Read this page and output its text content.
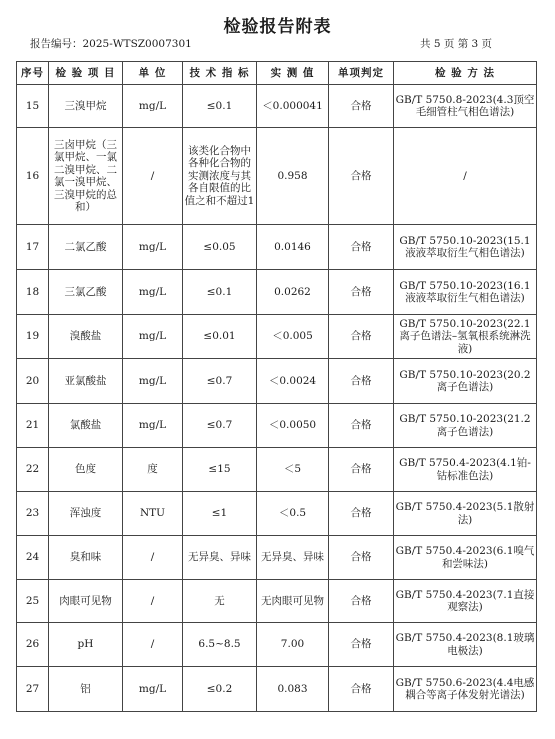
检验报告附表
报告编号：2025-WTSZ0007301	共 5 页 第 3 页
序号	检 验 项 目	单 位	技 术 指 标	实 测 值	单项判定	检 验 方 法
15	三溴甲烷	mg/L	≤0.1	＜0.000041	合格	GB/T 5750.8-2023(4.3顶空毛细管柱气相色谱法)
16	三卤甲烷（三氯甲烷、一氯二溴甲烷、二氯一溴甲烷、三溴甲烷的总和）	/	该类化合物中各种化合物的实测浓度与其各自限值的比值之和不超过1	0.958	合格	/
17	二氯乙酸	mg/L	≤0.05	0.0146	合格	GB/T 5750.10-2023(15.1液液萃取衍生气相色谱法)
18	三氯乙酸	mg/L	≤0.1	0.0262	合格	GB/T 5750.10-2023(16.1液液萃取衍生气相色谱法)
19	溴酸盐	mg/L	≤0.01	＜0.005	合格	GB/T 5750.10-2023(22.1离子色谱法–氢氧根系统淋洗液)
20	亚氯酸盐	mg/L	≤0.7	＜0.0024	合格	GB/T 5750.10-2023(20.2离子色谱法)
21	氯酸盐	mg/L	≤0.7	＜0.0050	合格	GB/T 5750.10-2023(21.2离子色谱法)
22	色度	度	≤15	＜5	合格	GB/T 5750.4-2023(4.1铂-钴标准色法)
23	浑浊度	NTU	≤1	＜0.5	合格	GB/T 5750.4-2023(5.1散射法)
24	臭和味	/	无异臭、异味	无异臭、异味	合格	GB/T 5750.4-2023(6.1嗅气和尝味法)
25	肉眼可见物	/	无	无肉眼可见物	合格	GB/T 5750.4-2023(7.1直接观察法)
26	pH	/	6.5~8.5	7.00	合格	GB/T 5750.4-2023(8.1玻璃电极法)
27	铝	mg/L	≤0.2	0.083	合格	GB/T 5750.6-2023(4.4电感耦合等离子体发射光谱法)
